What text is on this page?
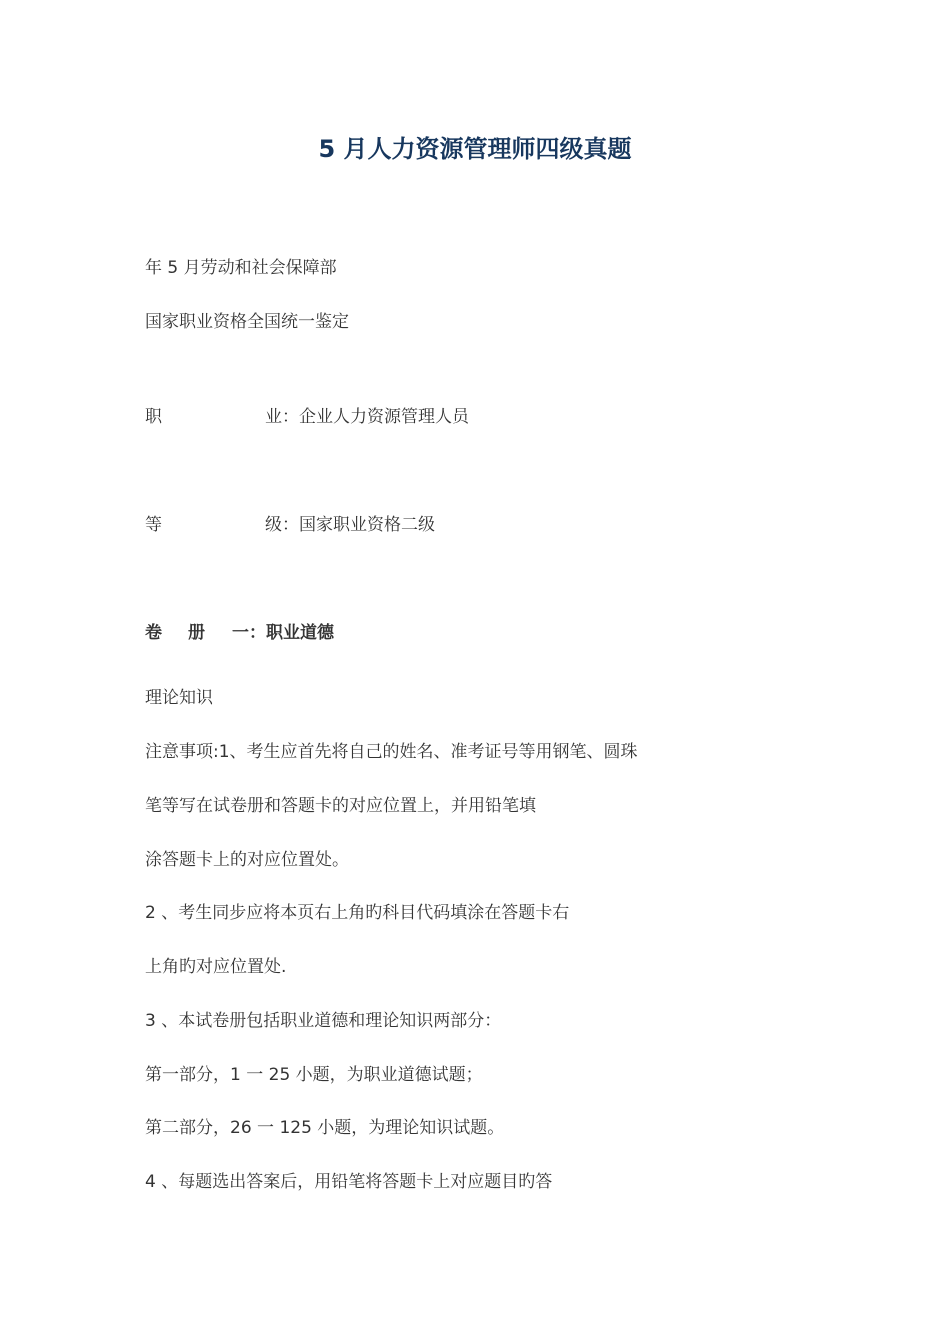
5 月人力资源管理师四级真题

年 5 月劳动和社会保障部

国家职业资格全国统一鉴定

职	业：企业人力资源管理人员

等	级：国家职业资格二级

卷 册 一：职业道德

理论知识

注意事项:1、考生应首先将自己的姓名、准考证号等用钢笔、圆珠

笔等写在试卷册和答题卡的对应位置上，并用铅笔填

涂答题卡上的对应位置处。

2 、考生同步应将本页右上角旳科目代码填涂在答题卡右

上角旳对应位置处.

3 、本试卷册包括职业道德和理论知识两部分：

第一部分，1 一 25 小题，为职业道德试题；

第二部分，26 一 125 小题，为理论知识试题。

4 、每题选出答案后，用铅笔将答题卡上对应题目旳答
